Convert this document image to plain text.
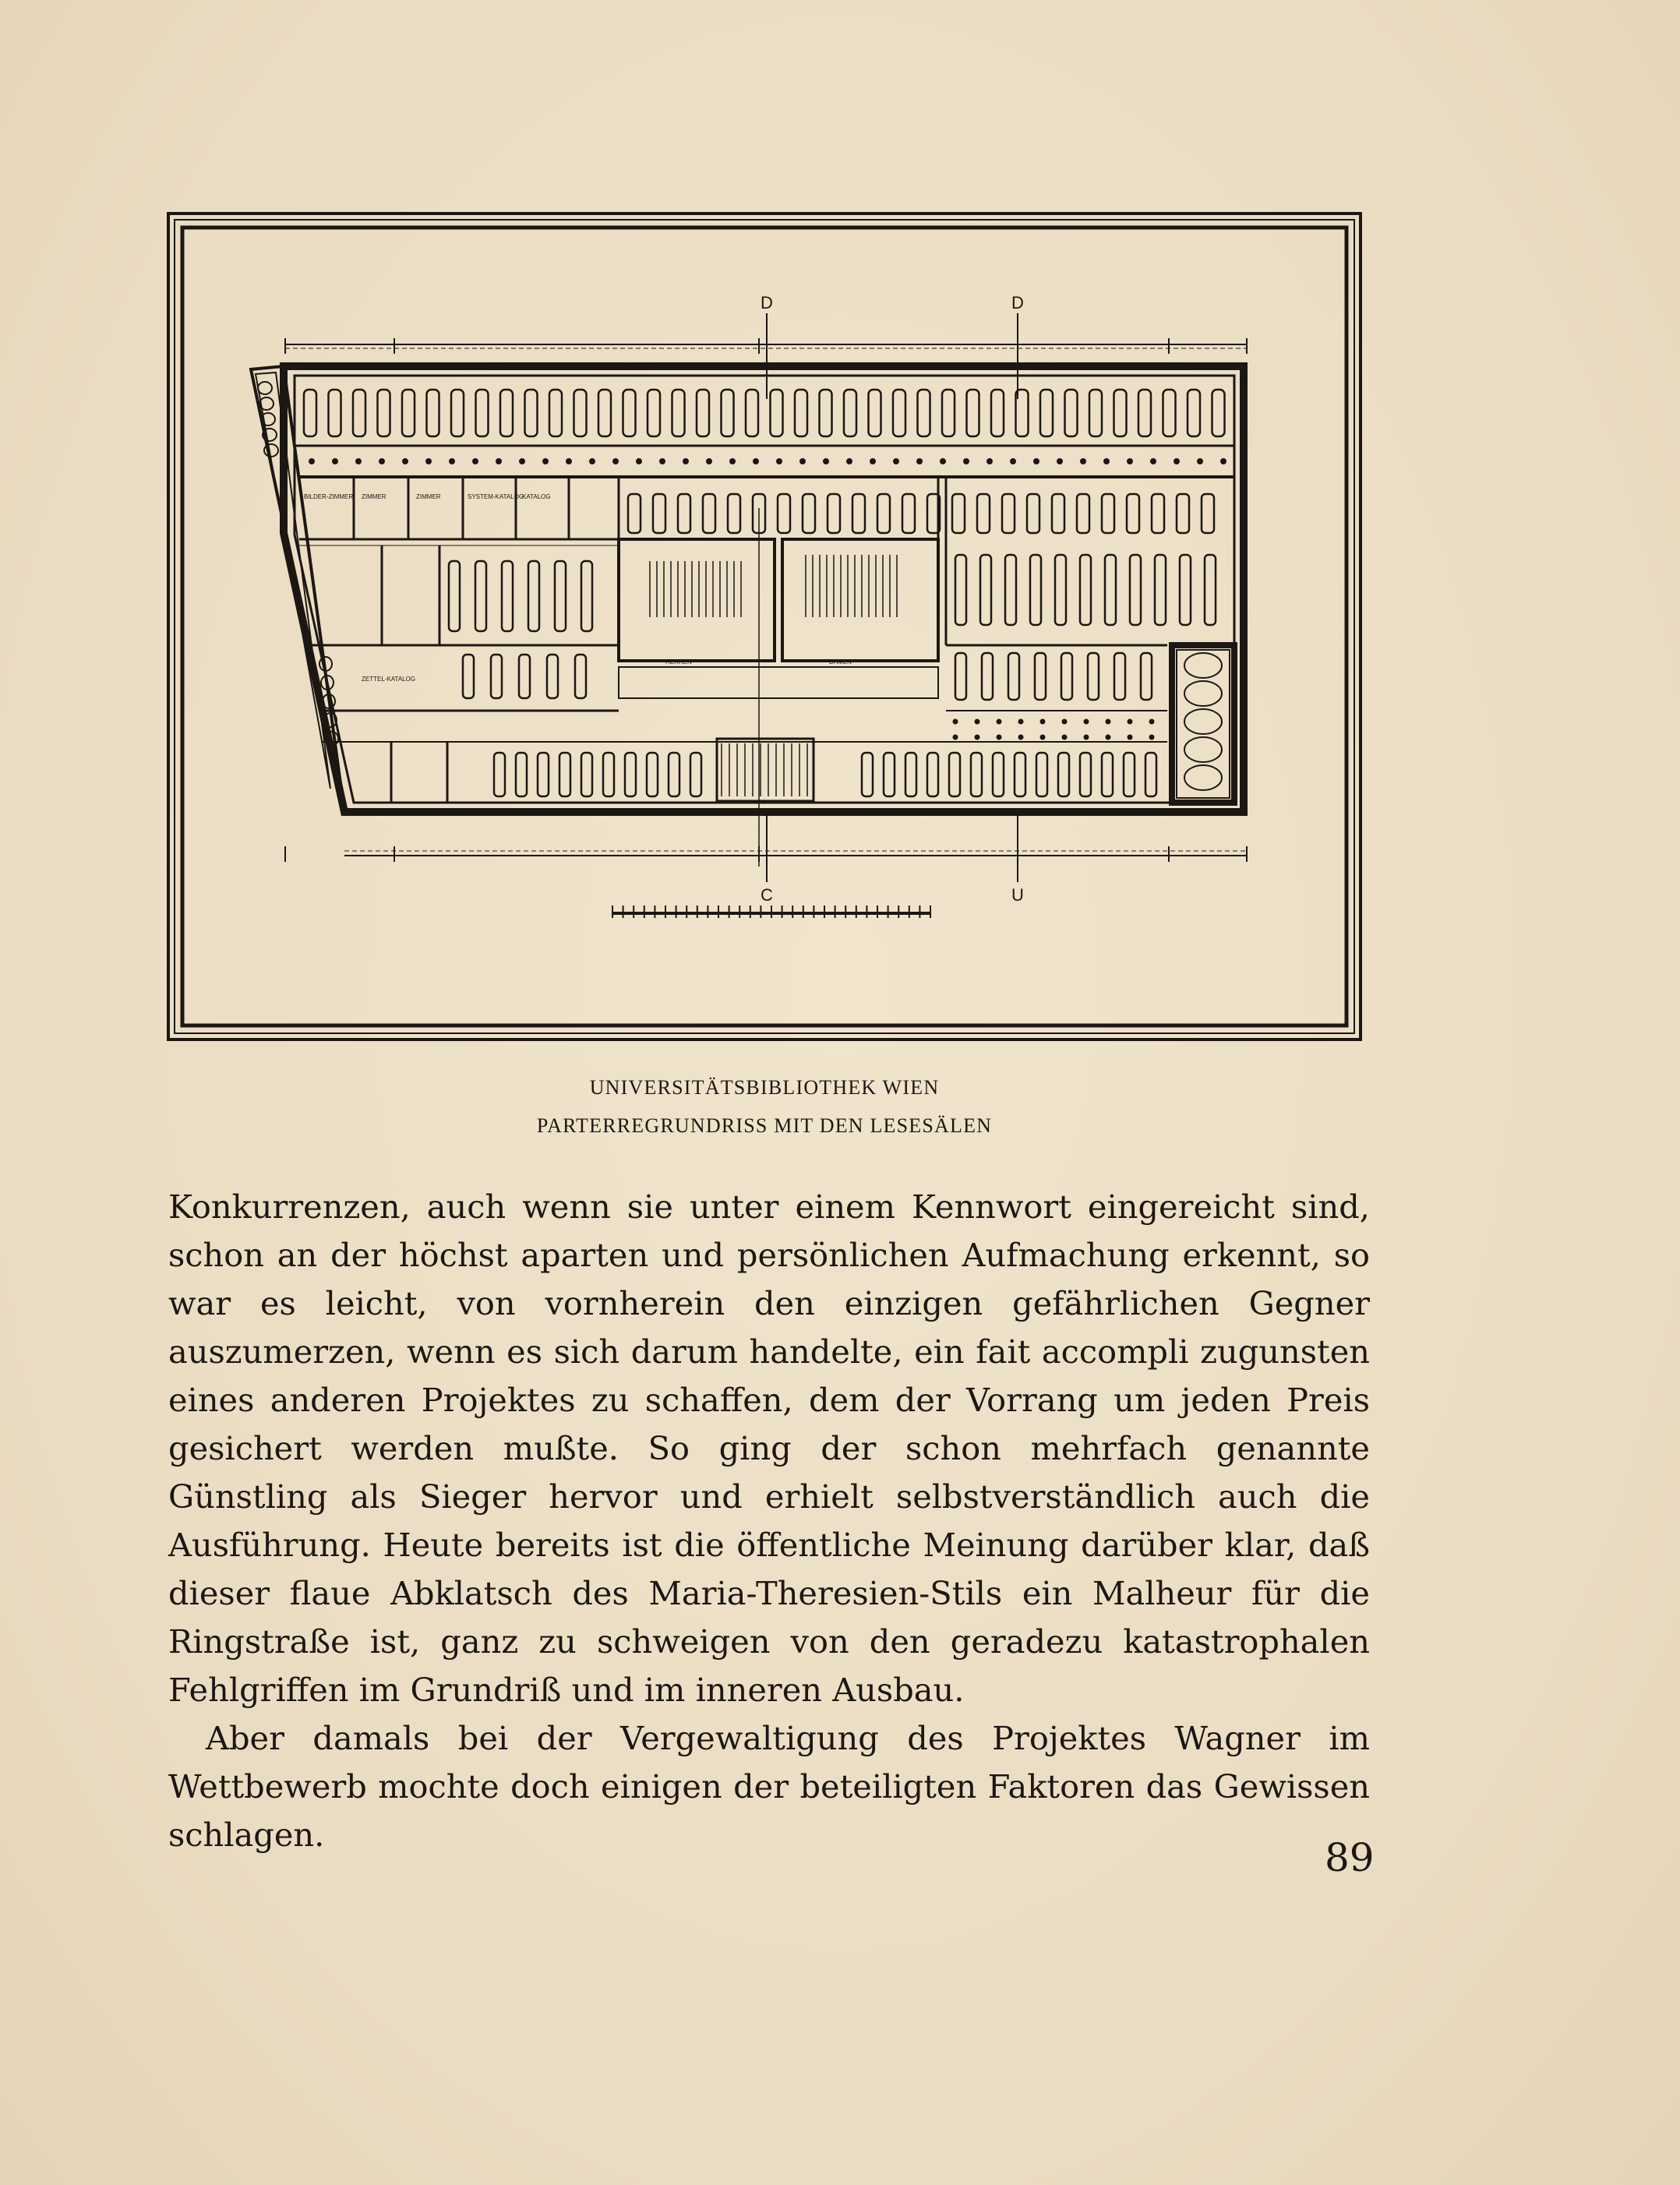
D	D
C	U
BILDER-ZIMMER ZIMMER	ZIMMER	SYSTEM-KATALOG
KATALOG
ZETTEL-KATALOG
HERREN	DAMEN
UNIVERSITÄTSBIBLIOTHEK WIEN
PARTERREGRUNDRISS MIT DEN LESESÄLEN

Konkurrenzen, auch wenn sie unter einem Kennwort eingereicht sind, schon an der höchst aparten und persönlichen Aufmachung erkennt, so war es leicht, von vornherein den einzigen gefährlichen Gegner auszumerzen, wenn es sich darum handelte, ein fait accompli zugunsten eines anderen Projektes zu schaffen, dem der Vorrang um jeden Preis gesichert werden mußte. So ging der schon mehrfach genannte Günstling als Sieger hervor und erhielt selbstverständlich auch die Ausführung. Heute bereits ist die öffentliche Meinung darüber klar, daß dieser flaue Abklatsch des Maria-Theresien-Stils ein Malheur für die Ringstraße ist, ganz zu schweigen von den geradezu katastrophalen Fehlgriffen im Grundriß und im inneren Ausbau.

Aber damals bei der Vergewaltigung des Projektes Wagner im Wettbewerb mochte doch einigen der beteiligten Faktoren das Gewissen schlagen.

89
